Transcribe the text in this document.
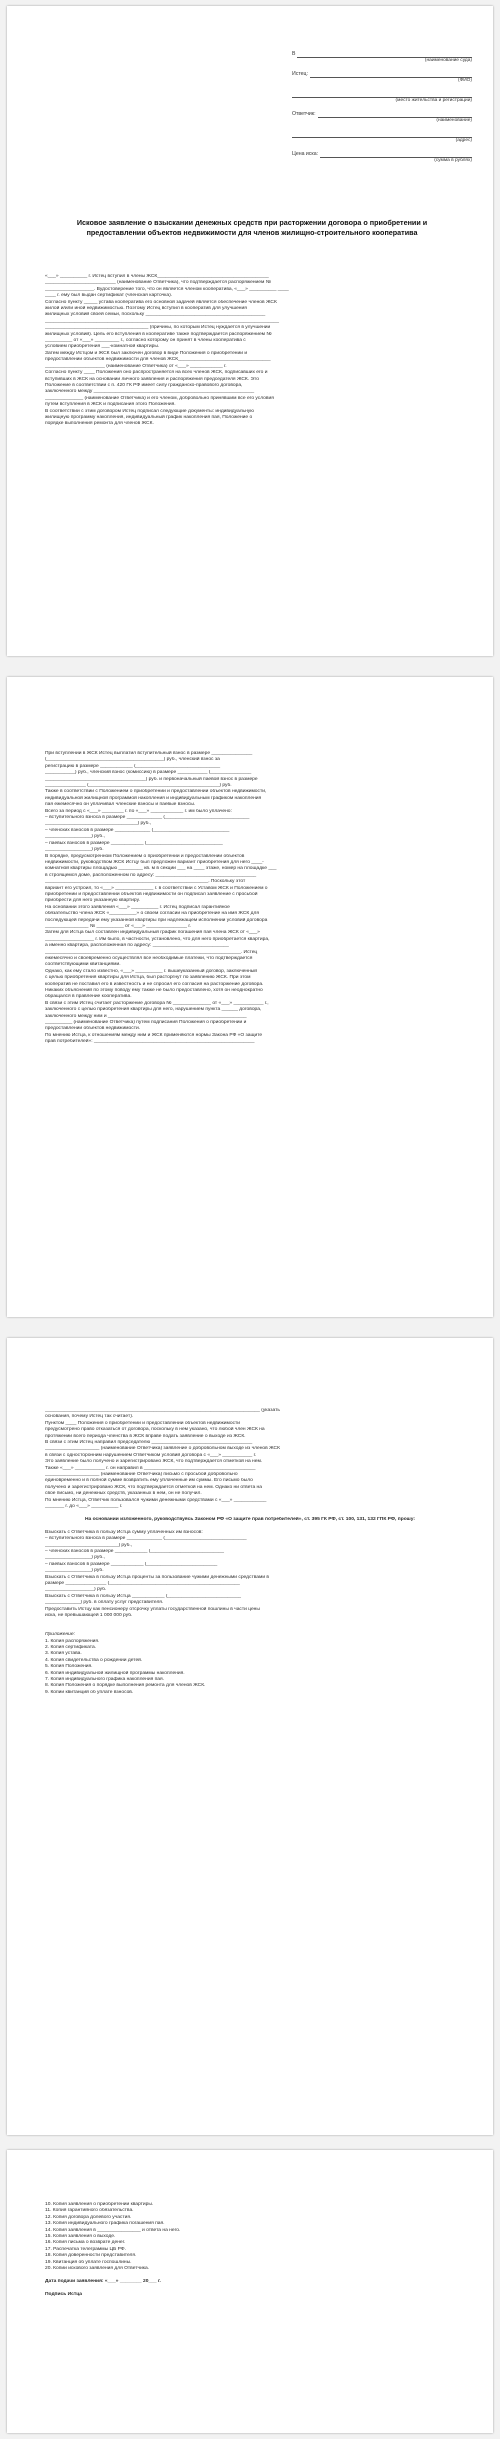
В
(наименование суда)
Истец:
(ФИО)
(место жительства и регистрации)
Ответчик:
(наименование)
(адрес)
Цена иска:
(сумма в рублях)
Исковое заявление о взыскании денежных средств при расторжении договора о приобретении и предоставлении объектов недвижимости для членов жилищно-строительного кооператива

«___» __________ г. Истец вступил в члены ЖСК_________________________________________

__________________________ (наименование Ответчика), что подтверждается распоряжением №

__________________. Вудостоверение того, что он является членом кооператива, «___» __________ ____

____ г. ему был выдан сертификат (членская карточка).

Согласно пункту _____ устава кооператива его основной задачей является обеспечение членов ЖСК

жилой и/или иной недвижимостью. Поэтому Истец вступил в кооператив для улучшения

жилищных условий своей семьи, поскольку ____________________________________________

______________________________________________________________________________________

______________________________________ (причины, по которым Истец нуждается в улучшении

жилищных условий). Цель его вступления в кооперативе также подтверждается распоряжением №

__________ от «___» _________ г., согласно которому он принят в члены кооператива с

условием приобретения ___-комнатной квартиры.

Затем между Истцом и ЖСК был заключен договор в виде Положения о приобретении и

предоставлении объектов недвижимости для членов ЖСК__________________________________

______________________ (наименование Ответчика) от «___» ____________ г.

Согласно пункту ____ Положения оно распространяется на всех членов ЖСК, подписавших его и

вступивших в ЖСК на основании личного заявления и распоряжения председателя ЖСК. Это

Положение в соответствии с п. 420 ГК РФ имеет силу гражданско-правового договора,

заключенного между ___________________________________________________________

______________ (наименование Ответчика) и его членом, добровольно принявшим все его условия

путем вступления в ЖСК и подписания этого Положения.

В соответствии с этим договором Истец подписал следующие документы: индивидуальную

жилищную программу накопления, индивидуальный график накопления пая, Положение о

порядке выполнения ремонта для членов ЖСК.

При вступлении в ЖСК Истец выплатил вступительный взнос в размере _______________

(___________________________________________) руб., членский взнос за

регистрацию в размере ____________ (_______________________________

___________) руб., членский взнос (комиссию) в размере ___________ (_______________

_____________________________________) руб. и первоначальный паевой взнос в размере

_______________ (________________________________________________) руб.

Также в соответствии с Положением о приобретении и предоставлении объектов недвижимости,

индивидуальной жилищной программой накопления и индивидуальным графиком накопления

пая ежемесячно он уплачивал членские взносы и паевые взносы.

Всего за период с «___» ________ г. по «___» ____________ г. им было уплачено:

– вступительного взноса в размере _____________ (_______________________________

__________________________________) руб.,

– членских взносов в размере _____________ (____________________________

_________________) руб.,

– паевых взносов в размере ____________ (____________________________

_________________) руб.

В порядке, предусмотренном Положением о приобретении и предоставлении объектов

недвижимости, руководством ЖСК Истцу был предложен вариант приобретения для него ____-

комнатной квартиры площадью _________ кв. м в секции ___ на ____ этаже, номер на площадке ___

в строящемся доме, расположенном по адресу: _____________________________________

____________________________________________________________. Поскольку этот

вариант его устроил, то «___» ______________ г. в соответствии с Уставом ЖСК и Положением о

приобретении и предоставлении объектов недвижимости он подписал заявление с просьбой

приобрести для него указанную квартиру.

На основании этого заявления «___» __________ г. Истец подписал гарантийное

обязательство члена ЖСК «__________» о своем согласии на приобретение на имя ЖСК для

последующей передачи ему указанной квартиры при надлежащем исполнении условий договора

________________ № __________ от «___» _______________ г.

Затем для Истца был составлен индивидуальный график погашения пая члена ЖСК от «___»

__________________ г. Им было, в частности, установлено, что для него приобретается квартира,

а именно квартира, расположенная по адресу: ____________________________

________________________________________________________________________. Истец

ежемесячно и своевременно осуществлял все необходимые платежи, что подтверждается

соответствующими квитанциями.

Однако, как ему стало известно, «___» __________ г. вышеуказанный договор, заключенный

с целью приобретения квартиры для Истца, был расторгнут по заявлению ЖСК. При этом

кооператив не поставил его в известность и не спросил его согласия на расторжение договора.

Никаких объяснений по этому поводу ему также не было предоставлено, хотя он неоднократно

обращался в правление кооператива.

В связи с этим Истец считает расторжение договора № ______________ от «___» ___________ г.,

заключенного с целью приобретения квартиры для него, нарушением пункта ______ договора,

заключенного между ним и ___________________________________________________

__________ (наименование Ответчика) путем подписания Положения о приобретении и

предоставлении объектов недвижимости.

По мнению Истца, к отношениям между ним и ЖСК применяются нормы Закона РФ «О защите

прав потребителей»: ___________________________________________________________

_______________________________________________________________________________ (указать

основания, почему Истец так считает).

Пунктом ____ Положения о приобретении и предоставлении объектов недвижимости

предусмотрено право отказаться от договора, поскольку в нем указано, что любой член ЖСК на

протяжении всего периода членства в ЖСК вправе подать заявление о выходе из ЖСК.

В связи с этим Истец направил председателю _____________________________________

____________________ (наименование Ответчика) заявление о добровольном выходе из членов ЖСК

в связи с односторонним нарушением Ответчиком условий договора с «___» ___________ г.

Это заявление было получено и зарегистрировано ЖСК, что подтверждается отметкой на нем.

Также «___» ___________ г. он направил в _________________________________________

____________________ (наименование Ответчика) письмо с просьбой добровольно

единовременно и в полной сумме возвратить ему уплаченные им суммы. Его письмо было

получено и зарегистрировано ЖСК, что подтверждается отметкой на нем. Однако ни ответа на

свое письмо, ни денежных средств, указанных в нем, он не получил.

По мнению Истца, Ответчик пользовался чужими денежными средствами с «___» ____________

_______ г. до «___» __________ г.

На основании изложенного, руководствуясь Законом РФ «О защите прав потребителей», ст. 395 ГК РФ, ст. 100, 131, 132 ГПК РФ, прошу:

Взыскать с Ответчика в пользу Истца сумму уплаченных им взносов:

– вступительного взноса в размере _____________ (______________________________

___________________________) руб.,

– членских взносов в размере ____________ (___________________________

_________________) руб.,

– паевых взносов в размере ____________ (__________________________

_________________) руб.

Взыскать с Ответчика в пользу Истца проценты за пользование чужими денежными средствами в

размере _______________ (________________________________________________

__________________) руб.

Взыскать с Ответчика в пользу Истца ____________ (___________________________

_____________) руб. в оплату услуг представителя.

Предоставить Истцу как пенсионеру отсрочку уплаты государственной пошлины в части цены

иска, не превышающей 1 000 000 руб.

Приложение:

1. Копия распоряжения.

2. Копия сертификата.

3. Копия устава.

4. Копия свидетельства о рождении детей.

5. Копия Положения.

6. Копия индивидуальной жилищной программы накопления.

7. Копия индивидуального графика накопления пая.

8. Копия Положения о порядке выполнения ремонта для членов ЖСК.

9. Копии квитанций об уплате взносов.

10. Копия заявления о приобретении квартиры.

11. Копия гарантийного обязательства.

12. Копия договора долевого участия.

13. Копия индивидуального графика погашения пая.

14. Копия заявления в ________________ и ответа на него.

15. Копия заявления о выходе.

16. Копия письма о возврате денег.

17. Распечатка телеграммы ЦБ РФ.

18. Копия доверенности представителя.

19. Квитанция об уплате госпошлины.

20. Копии искового заявления для Ответчика.

Дата подачи заявления: «___» ________ 20___ г.

Подпись Истца
